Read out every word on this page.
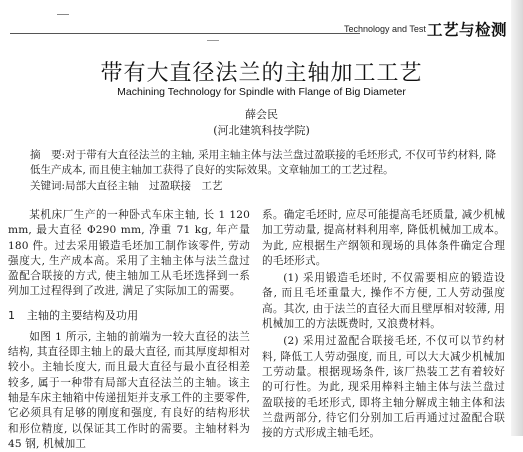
Technology and Test 工艺与检测
带有大直径法兰的主轴加工工艺
Machining Technology for Spindle with Flange of Big Diameter
薛会民
(河北建筑科技学院)
摘　要:对于带有大直径法兰的主轴, 采用主轴主体与法兰盘过盈联接的毛坯形式, 不仅可节约材料, 降低生产成本, 而且使主轴加工获得了良好的实际效果。文章轴加工的工艺过程。
关键词:局部大直径主轴　过盈联接　工艺

某机床厂生产的一种卧式车床主轴, 长 1 120 mm, 最大直径 Φ290 mm, 净重 71 kg, 年产量 180 件。过去采用锻造毛坯加工制作该零件, 劳动强度大, 生产成本高。采用了主轴主体与法兰盘过盈配合联接的方式, 使主轴加工从毛坯选择到一系列加工过程得到了改进, 满足了实际加工的需要。

1 主轴的主要结构及功用

如图 1 所示, 主轴的前端为一较大直径的法兰结构, 其直径即主轴上的最大直径, 而其厚度却相对较小。主轴长度大, 而且最大直径与最小直径相差较多, 属于一种带有局部大直径法兰的主轴。该主轴是车床主轴箱中传递扭矩并支承工件的主要零件, 它必须具有足够的刚度和强度, 有良好的结构形状和形位精度, 以保证其工作时的需要。主轴材料为 45 钢, 机械加工

系。确定毛坯时, 应尽可能提高毛坯质量, 减少机械加工劳动量, 提高材料利用率, 降低机械加工成本。为此, 应根据生产纲领和现场的具体条件确定合理的毛坯形式。

(1) 采用锻造毛坯时, 不仅需要相应的锻造设备, 而且毛坯重量大, 操作不方便, 工人劳动强度高。其次, 由于法兰的直径大而且壁厚相对较薄, 用机械加工的方法既费时, 又浪费材料。

(2) 采用过盈配合联接毛坯, 不仅可以节约材料, 降低工人劳动强度, 而且, 可以大大减少机械加工劳动量。根据现场条件, 该厂热装工艺有着较好的可行性。为此, 现采用棒料主轴主体与法兰盘过盈联接的毛坯形式, 即将主轴分解成主轴主体和法兰盘两部分, 待它们分别加工后再通过过盈配合联接的方式形成主轴毛坯。
